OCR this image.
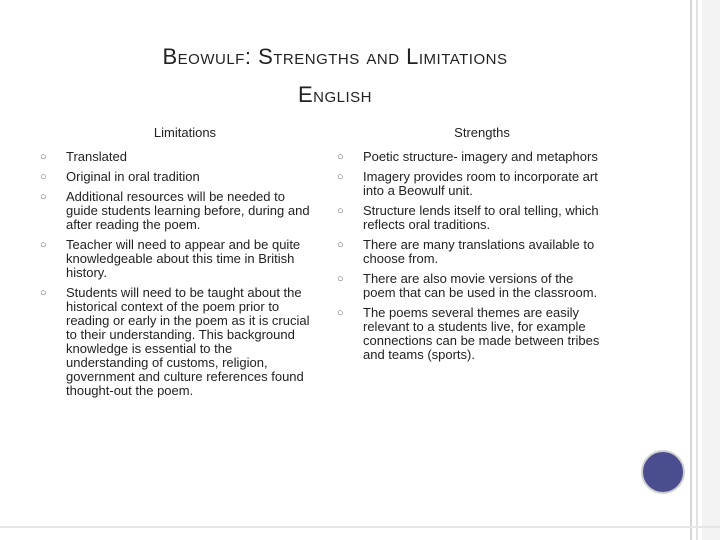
Beowulf: Strengths and Limitations
English
Limitations
○ Translated
○ Original in oral tradition
○ Additional resources will be needed to guide students learning before, during and after reading the poem.
○ Teacher will need to appear and be quite knowledgeable about this time in British history.
○ Students will need to be taught about the historical context of the poem prior to reading or early in the poem as it is crucial to their understanding. This background knowledge is essential to the understanding of customs, religion, government and culture references found thought-out the poem.
Strengths
○ Poetic structure- imagery and metaphors
○ Imagery provides room to incorporate art into a Beowulf unit.
○ Structure lends itself to oral telling, which reflects oral traditions.
○ There are many translations available to choose from.
○ There are also movie versions of the poem that can be used in the classroom.
○ The poems several themes are easily relevant to a students live, for example connections can be made between tribes and teams (sports).
